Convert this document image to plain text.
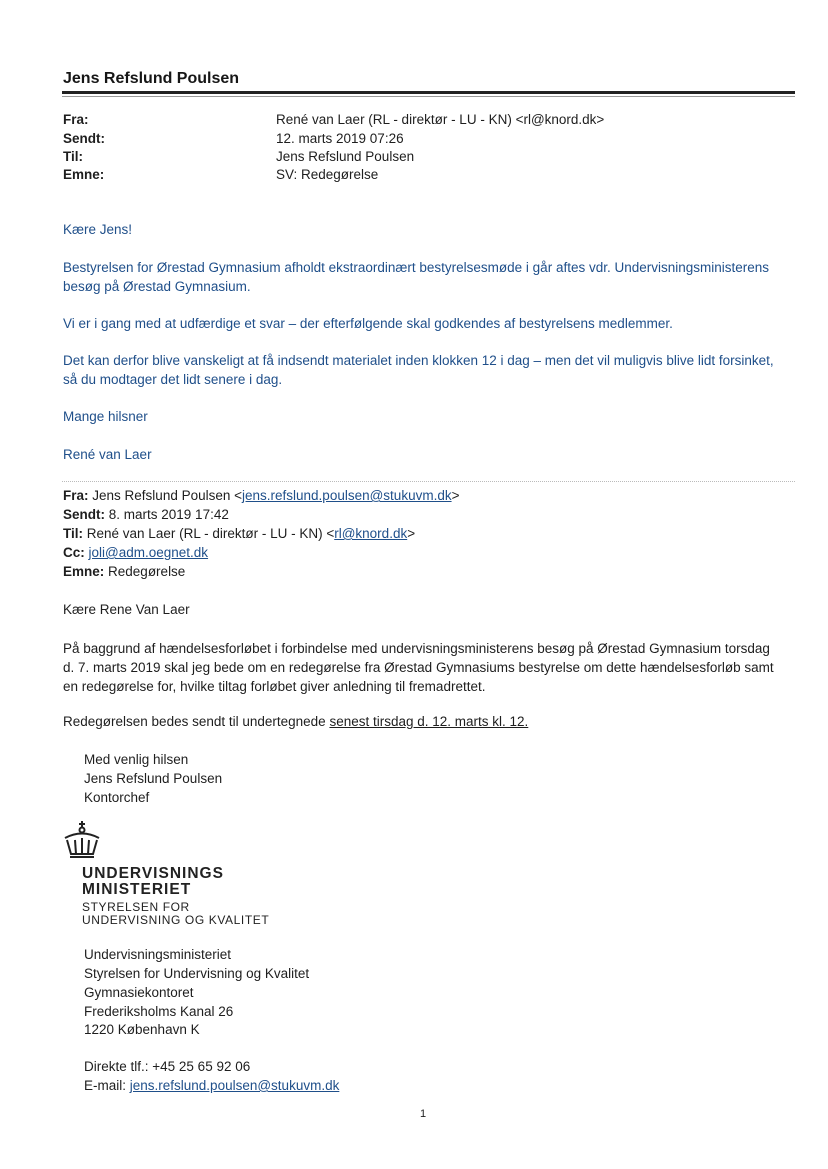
Jens Refslund Poulsen
Fra:	René van Laer (RL - direktør - LU - KN) <rl@knord.dk>
Sendt:	12. marts 2019 07:26
Til:	Jens Refslund Poulsen
Emne:	SV: Redegørelse
Kære Jens!
Bestyrelsen for Ørestad Gymnasium afholdt ekstraordinært bestyrelsesmøde i går aftes vdr. Undervisningsministerens besøg på Ørestad Gymnasium.
Vi er i gang med at udfærdige et svar – der efterfølgende skal godkendes af bestyrelsens medlemmer.
Det kan derfor blive vanskeligt at få indsendt materialet inden klokken 12 i dag – men det vil muligvis blive lidt forsinket, så du modtager det lidt senere i dag.
Mange hilsner
René van Laer
Fra: Jens Refslund Poulsen <jens.refslund.poulsen@stukuvm.dk>
Sendt: 8. marts 2019 17:42
Til: René van Laer (RL - direktør - LU - KN) <rl@knord.dk>
Cc: joli@adm.oegnet.dk
Emne: Redegørelse
Kære Rene Van Laer
På baggrund af hændelsesforløbet i forbindelse med undervisningsministerens besøg på Ørestad Gymnasium torsdag d. 7. marts 2019 skal jeg bede om en redegørelse fra Ørestad Gymnasiums bestyrelse om dette hændelsesforløb samt en redegørelse for, hvilke tiltag forløbet giver anledning til fremadrettet.
Redegørelsen bedes sendt til undertegnede senest tirsdag d. 12. marts kl. 12.
Med venlig hilsen
Jens Refslund Poulsen
Kontorchef
UNDERVISNINGS
MINISTERIET
STYRELSEN FOR
UNDERVISNING OG KVALITET
Undervisningsministeriet
Styrelsen for Undervisning og Kvalitet
Gymnasiekontoret
Frederiksholms Kanal 26
1220 København K
Direkte tlf.: +45 25 65 92 06
E-mail: jens.refslund.poulsen@stukuvm.dk
1
